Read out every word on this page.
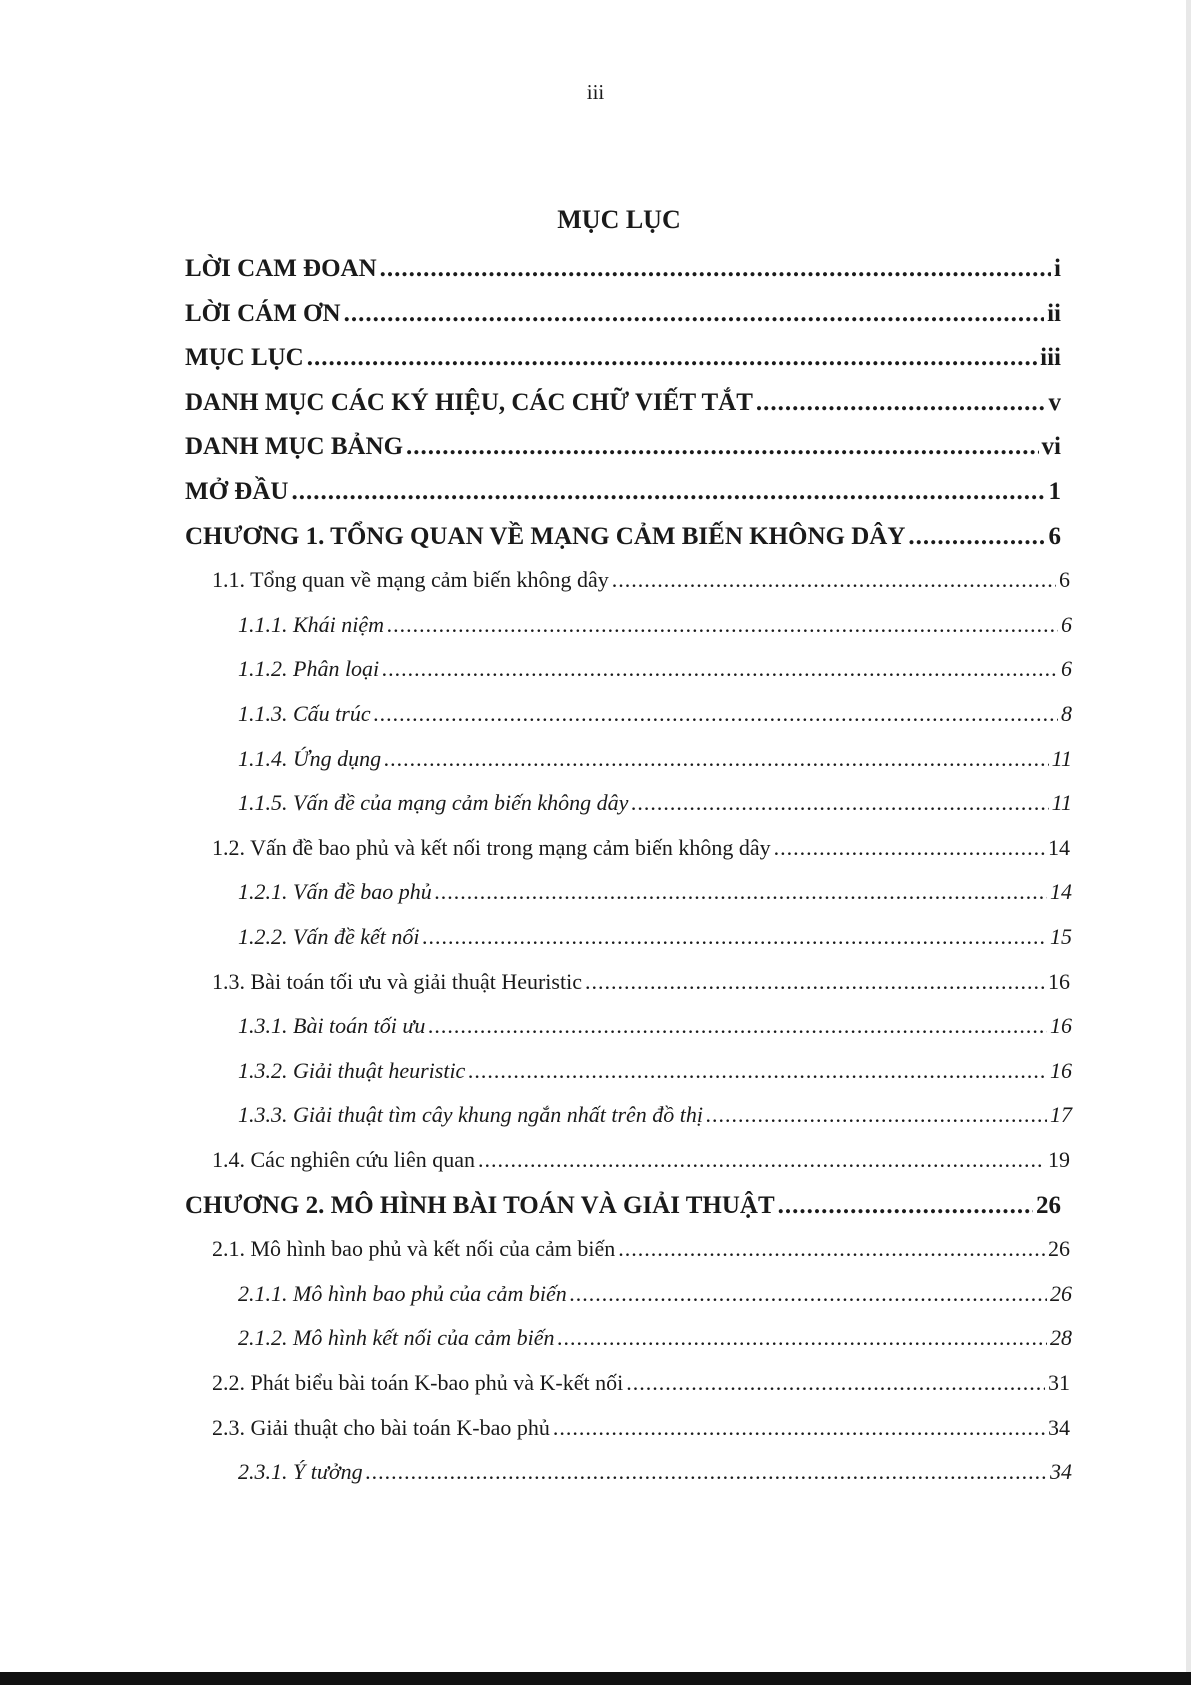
iii
MỤC LỤC
LỜI CAM ĐOAN .....	i
LỜI CÁM ƠN .....	ii
MỤC LỤC .....	iii
DANH MỤC CÁC KÝ HIỆU, CÁC CHỮ VIẾT TẮT .....	v
DANH MỤC BẢNG .....	vi
MỞ ĐẦU .....	1
CHƯƠNG 1. TỔNG QUAN VỀ MẠNG CẢM BIẾN KHÔNG DÂY .....	6
1.1. Tổng quan về mạng cảm biến không dây .....	6
1.1.1. Khái niệm .....	6
1.1.2. Phân loại .....	6
1.1.3. Cấu trúc .....	8
1.1.4. Ứng dụng .....	11
1.1.5. Vấn đề của mạng cảm biến không dây .....	11
1.2. Vấn đề bao phủ và kết nối trong mạng cảm biến không dây .....	14
1.2.1. Vấn đề bao phủ .....	14
1.2.2. Vấn đề kết nối .....	15
1.3. Bài toán tối ưu và giải thuật Heuristic .....	16
1.3.1. Bài toán tối ưu .....	16
1.3.2. Giải thuật heuristic .....	16
1.3.3. Giải thuật tìm cây khung ngắn nhất trên đồ thị .....	17
1.4. Các nghiên cứu liên quan .....	19
CHƯƠNG 2. MÔ HÌNH BÀI TOÁN VÀ GIẢI THUẬT .....	26
2.1. Mô hình bao phủ và kết nối của cảm biến .....	26
2.1.1. Mô hình bao phủ của cảm biến .....	26
2.1.2. Mô hình kết nối của cảm biến .....	28
2.2. Phát biểu bài toán K-bao phủ và K-kết nối .....	31
2.3. Giải thuật cho bài toán K-bao phủ .....	34
2.3.1. Ý tưởng .....	34
